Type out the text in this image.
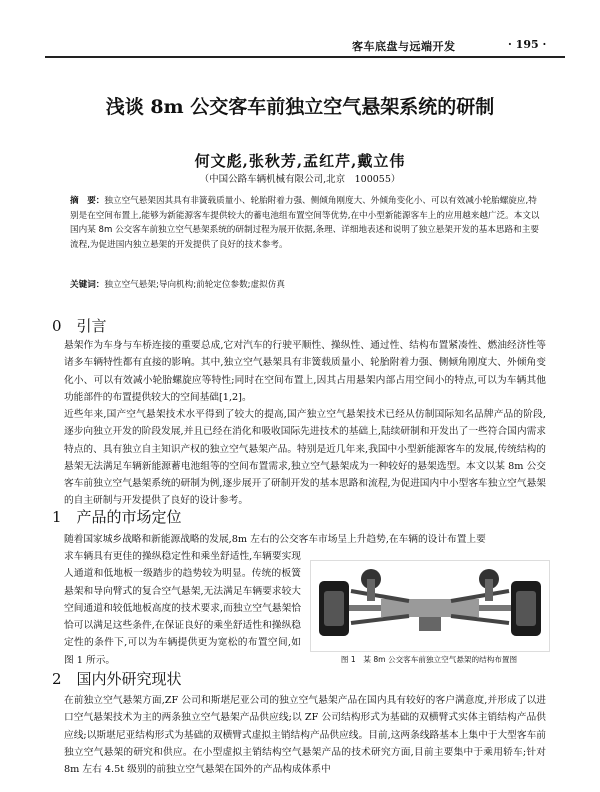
客车底盘与远端开发	· 195 ·
浅谈 8m 公交客车前独立空气悬架系统的研制
何文彪,张秋芳,孟红芹,戴立伟
（中国公路车辆机械有限公司,北京　100055）
摘　要：独立空气悬架因其具有非簧载质量小、轮胎附着力强、侧倾角刚度大、外倾角变化小、可以有效减小轮胎螺旋应,特别是在空间布置上,能够为新能源客车提供较大的蓄电池组布置空间等优势,在中小型新能源客车上的应用越来越广泛。本文以国内某 8m 公交客车前独立空气悬架系统的研制过程为展开依据,条理、详细地表述和说明了独立悬架开发的基本思路和主要流程,为促进国内独立悬架的开发提供了良好的技术参考。
关键词：独立空气悬架;导向机构;前轮定位参数;虚拟仿真
0　引言

悬架作为车身与车桥连接的重要总成,它对汽车的行驶平顺性、操纵性、通过性、结构布置紧凑性、燃油经济性等诸多车辆特性都有直接的影响。其中,独立空气悬架具有非簧载质量小、轮胎附着力强、侧倾角刚度大、外倾角变化小、可以有效减小轮胎螺旋应等特性;同时在空间布置上,因其占用悬架内部占用空间小的特点,可以为车辆其他功能部件的布置提供较大的空间基础[1,2]。

近些年来,国产空气悬架技术水平得到了较大的提高,国产独立空气悬架技术已经从仿制国际知名品牌产品的阶段,逐步向独立开发的阶段发展,并且已经在消化和吸收国际先进技术的基础上,陆续研制和开发出了一些符合国内需求特点的、具有独立自主知识产权的独立空气悬架产品。特别是近几年来,我国中小型新能源客车的发展,传统结构的悬架无法满足车辆新能源蓄电池组等的空间布置需求,独立空气悬架成为一种较好的悬架选型。本文以某 8m 公交客车前独立空气悬架系统的研制为例,逐步展开了研制开发的基本思路和流程,为促进国内中小型客车独立空气悬架的自主研制与开发提供了良好的设计参考。

1　产品的市场定位

随着国家城乡战略和新能源战略的发展,8m 左右的公交客车市场呈上升趋势,在车辆的设计布置上要

求车辆具有更佳的操纵稳定性和乘坐舒适性,车辆要实现人通道和低地板一级踏步的趋势较为明显。传统的板簧悬架和导向臂式的复合空气悬架,无法满足车辆要求较大空间通道和较低地板高度的技术要求,而独立空气悬架恰恰可以满足这些条件,在保证良好的乘坐舒适性和操纵稳定性的条件下,可以为车辆提供更为宽松的布置空间,如图 1 所示。	图 1　某 8m 公交客车前独立空气悬架的结构布置图
2　国内外研究现状

在前独立空气悬架方面,ZF 公司和斯堪尼亚公司的独立空气悬架产品在国内具有较好的客户满意度,并形成了以进口空气悬架技术为主的两条独立空气悬架产品供应线;以 ZF 公司结构形式为基础的双横臂式实体主销结构产品供应线;以斯堪尼亚结构形式为基础的双横臂式虚拟主销结构产品供应线。目前,这两条线路基本上集中于大型客车前独立空气悬架的研究和供应。在小型虚拟主销结构空气悬架产品的技术研究方面,目前主要集中于乘用轿车;针对 8m 左右 4.5t 级别的前独立空气悬架在国外的产品构成体系中
